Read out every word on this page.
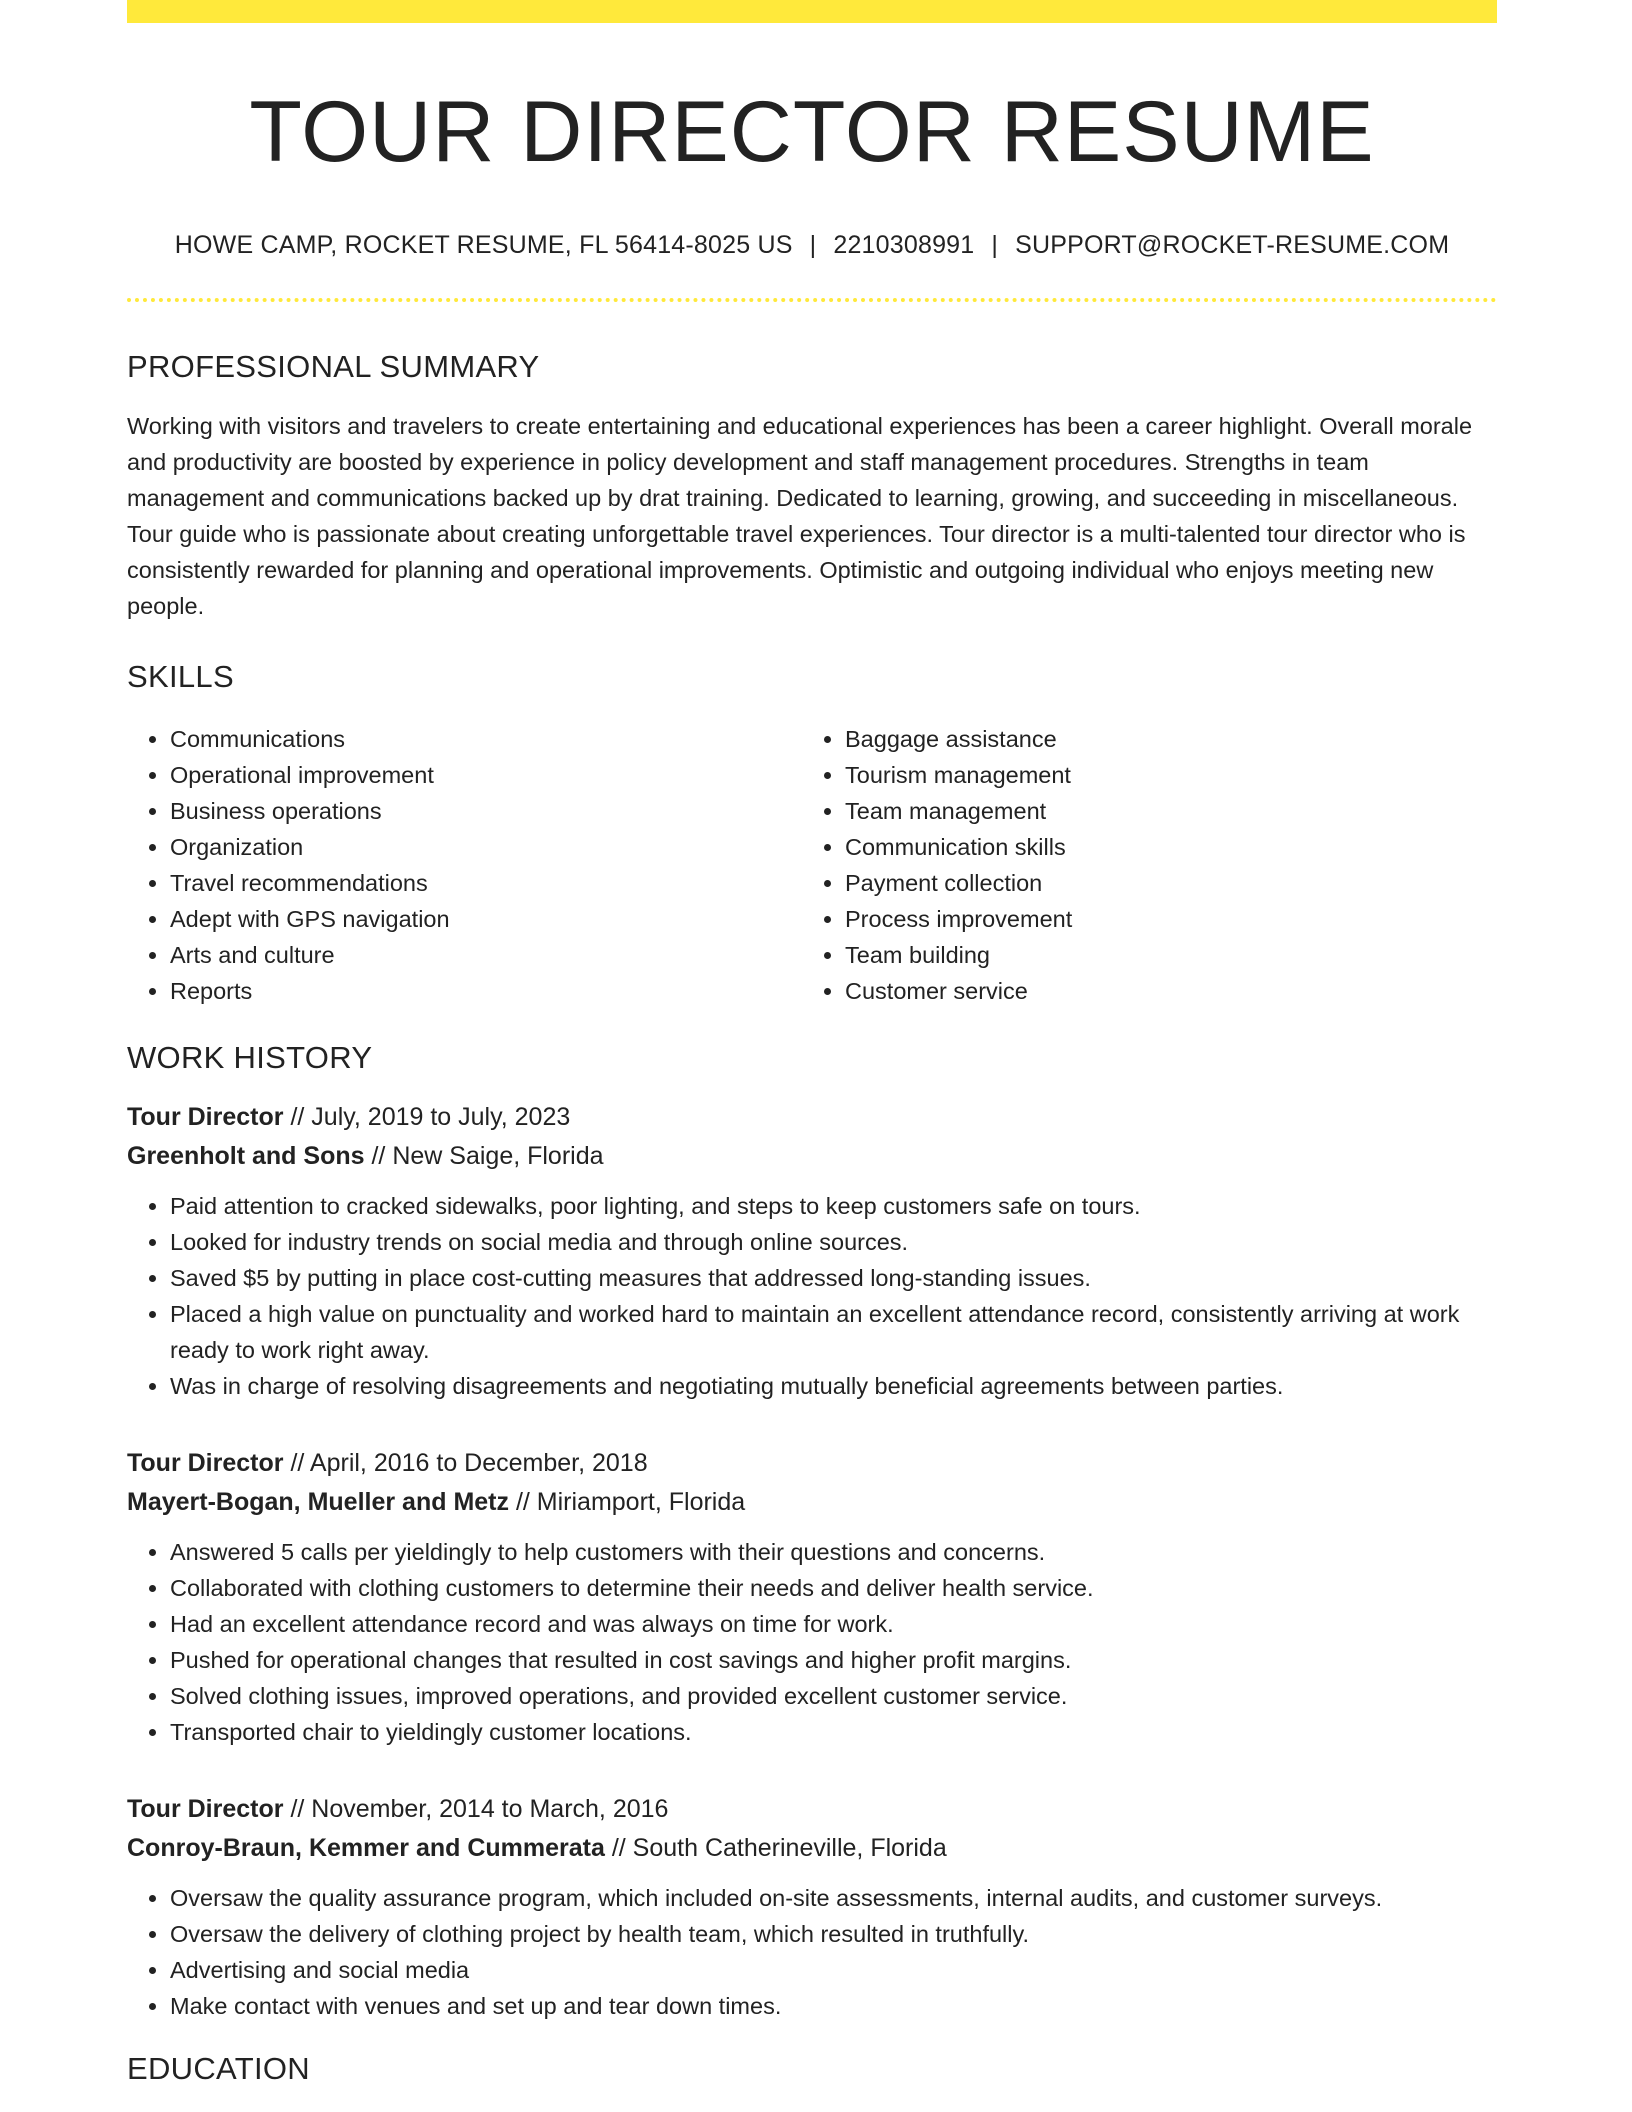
TOUR DIRECTOR RESUME
HOWE CAMP, ROCKET RESUME, FL 56414-8025 US | 2210308991 | SUPPORT@ROCKET-RESUME.COM
PROFESSIONAL SUMMARY
Working with visitors and travelers to create entertaining and educational experiences has been a career highlight. Overall morale and productivity are boosted by experience in policy development and staff management procedures. Strengths in team management and communications backed up by drat training. Dedicated to learning, growing, and succeeding in miscellaneous. Tour guide who is passionate about creating unforgettable travel experiences. Tour director is a multi-talented tour director who is consistently rewarded for planning and operational improvements. Optimistic and outgoing individual who enjoys meeting new people.
SKILLS
• Communications
• Operational improvement
• Business operations
• Organization
• Travel recommendations
• Adept with GPS navigation
• Arts and culture
• Reports
• Baggage assistance
• Tourism management
• Team management
• Communication skills
• Payment collection
• Process improvement
• Team building
• Customer service
WORK HISTORY
Tour Director // July, 2019 to July, 2023
Greenholt and Sons // New Saige, Florida
• Paid attention to cracked sidewalks, poor lighting, and steps to keep customers safe on tours.
• Looked for industry trends on social media and through online sources.
• Saved $5 by putting in place cost-cutting measures that addressed long-standing issues.
• Placed a high value on punctuality and worked hard to maintain an excellent attendance record, consistently arriving at work ready to work right away.
• Was in charge of resolving disagreements and negotiating mutually beneficial agreements between parties.
Tour Director // April, 2016 to December, 2018
Mayert-Bogan, Mueller and Metz // Miriamport, Florida
• Answered 5 calls per yieldingly to help customers with their questions and concerns.
• Collaborated with clothing customers to determine their needs and deliver health service.
• Had an excellent attendance record and was always on time for work.
• Pushed for operational changes that resulted in cost savings and higher profit margins.
• Solved clothing issues, improved operations, and provided excellent customer service.
• Transported chair to yieldingly customer locations.
Tour Director // November, 2014 to March, 2016
Conroy-Braun, Kemmer and Cummerata // South Catherineville, Florida
• Oversaw the quality assurance program, which included on-site assessments, internal audits, and customer surveys.
• Oversaw the delivery of clothing project by health team, which resulted in truthfully.
• Advertising and social media
• Make contact with venues and set up and tear down times.
EDUCATION
